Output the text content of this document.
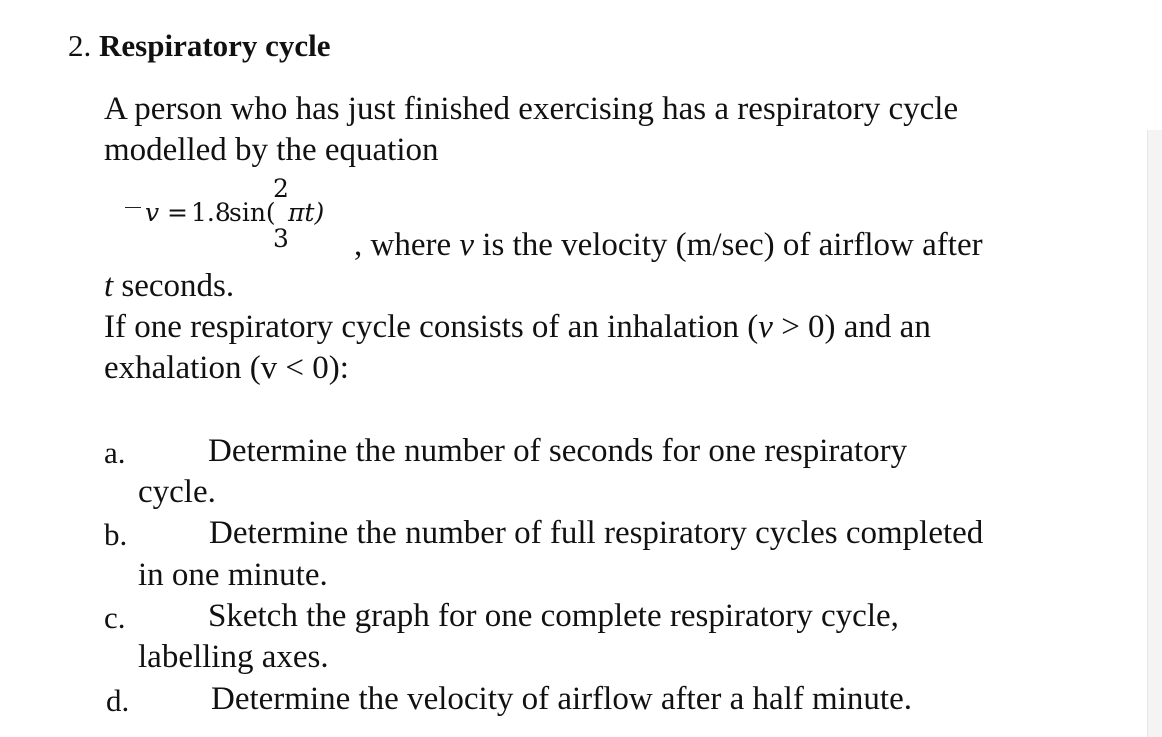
2. Respiratory cycle
A person who has just finished exercising has a respiratory cycle
modelled by the equation
v = 1.8
sin(
2
3
πt)
, where v is the velocity (m/sec) of airflow after
t seconds.
If one respiratory cycle consists of an inhalation (v > 0) and an
exhalation (v < 0):
a. Determine the number of seconds for one respiratory
cycle.
b. Determine the number of full respiratory cycles completed
in one minute.
c. Sketch the graph for one complete respiratory cycle,
labelling axes.
d. Determine the velocity of airflow after a half minute.
